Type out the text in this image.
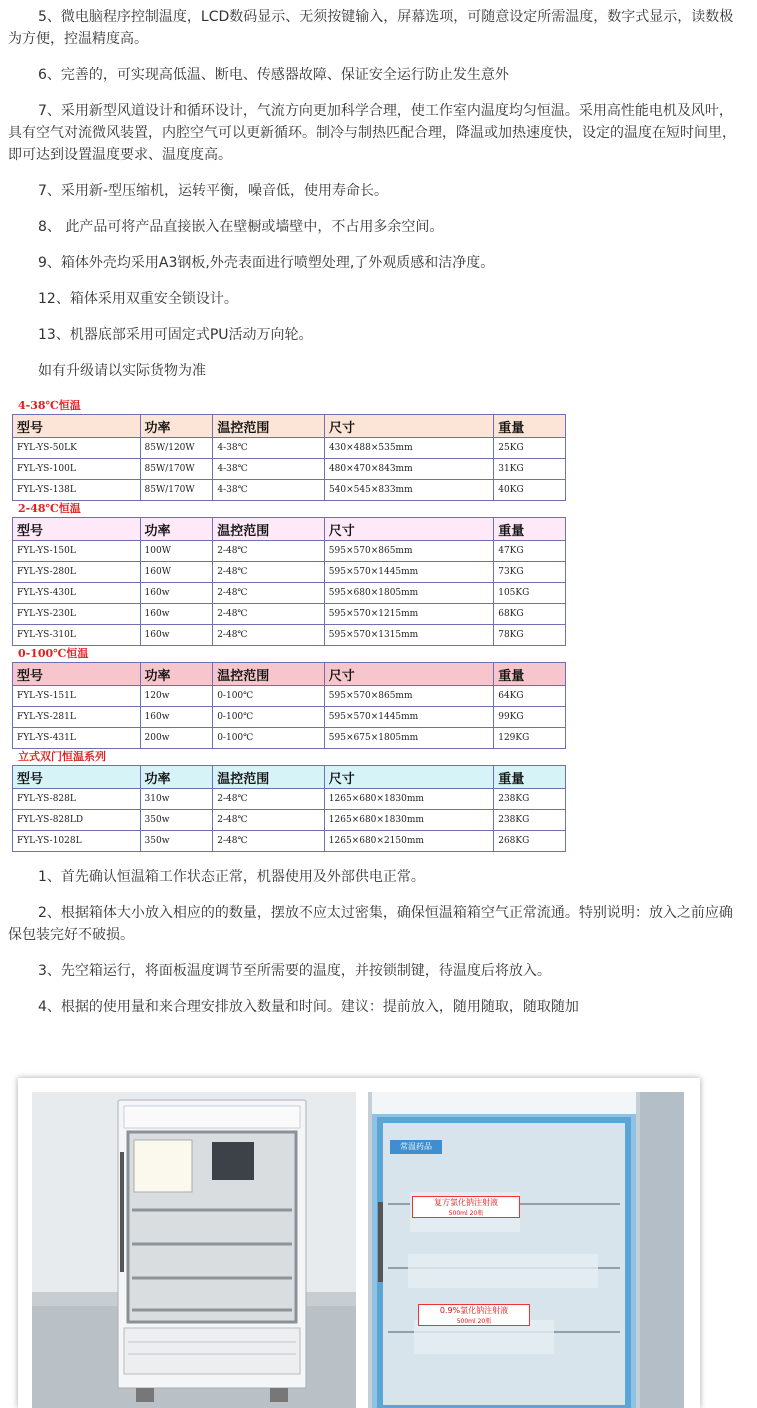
5、微电脑程序控制温度，LCD数码显示、无须按键输入，屏幕选项，可随意设定所需温度，数字式显示，读数极为方便，控温精度高。
6、完善的，可实现高低温、断电、传感器故障、保证安全运行防止发生意外
7、采用新型风道设计和循环设计，气流方向更加科学合理，使工作室内温度均匀恒温。采用高性能电机及风叶，具有空气对流微风装置，内腔空气可以更新循环。制冷与制热匹配合理，降温或加热速度快，设定的温度在短时间里，即可达到设置温度要求、温度度高。
7、采用新-型压缩机，运转平衡，噪音低，使用寿命长。
8、 此产品可将产品直接嵌入在壁橱或墙壁中，不占用多余空间。
9、箱体外壳均采用A3钢板,外壳表面进行喷塑处理,了外观质感和洁净度。
12、箱体采用双重安全锁设计。
13、机器底部采用可固定式PU活动万向轮。
如有升级请以实际货物为准
4-38℃恒温
型号	功率	温控范围	尺寸	重量
FYL-YS-50LK	85W/120W	4-38℃	430×488×535mm	25KG
FYL-YS-100L	85W/170W	4-38℃	480×470×843mm	31KG
FYL-YS-138L	85W/170W	4-38℃	540×545×833mm	40KG
2-48℃恒温
型号	功率	温控范围	尺寸	重量
FYL-YS-150L	100W	2-48℃	595×570×865mm	47KG
FYL-YS-280L	160W	2-48℃	595×570×1445mm	73KG
FYL-YS-430L	160w	2-48℃	595×680×1805mm	105KG
FYL-YS-230L	160w	2-48℃	595×570×1215mm	68KG
FYL-YS-310L	160w	2-48℃	595×570×1315mm	78KG
0-100℃恒温
型号	功率	温控范围	尺寸	重量
FYL-YS-151L	120w	0-100℃	595×570×865mm	64KG
FYL-YS-281L	160w	0-100℃	595×570×1445mm	99KG
FYL-YS-431L	200w	0-100℃	595×675×1805mm	129KG
立式双门恒温系列
型号	功率	温控范围	尺寸	重量
FYL-YS-828L	310w	2-48℃	1265×680×1830mm	238KG
FYL-YS-828LD	350w	2-48℃	1265×680×1830mm	238KG
FYL-YS-1028L	350w	2-48℃	1265×680×2150mm	268KG
1、首先确认恒温箱工作状态正常，机器使用及外部供电正常。
2、根据箱体大小放入相应的的数量，摆放不应太过密集，确保恒温箱箱空气正常流通。特别说明：放入之前应确保包装完好不破损。
3、先空箱运行，将面板温度调节至所需要的温度，并按锁制键，待温度后将放入。
4、根据的使用量和来合理安排放入数量和时间。建议：提前放入，随用随取，随取随加
常温药品
复方氯化钠注射液
500ml 20瓶
0.9%氯化钠注射液
500ml 20瓶
